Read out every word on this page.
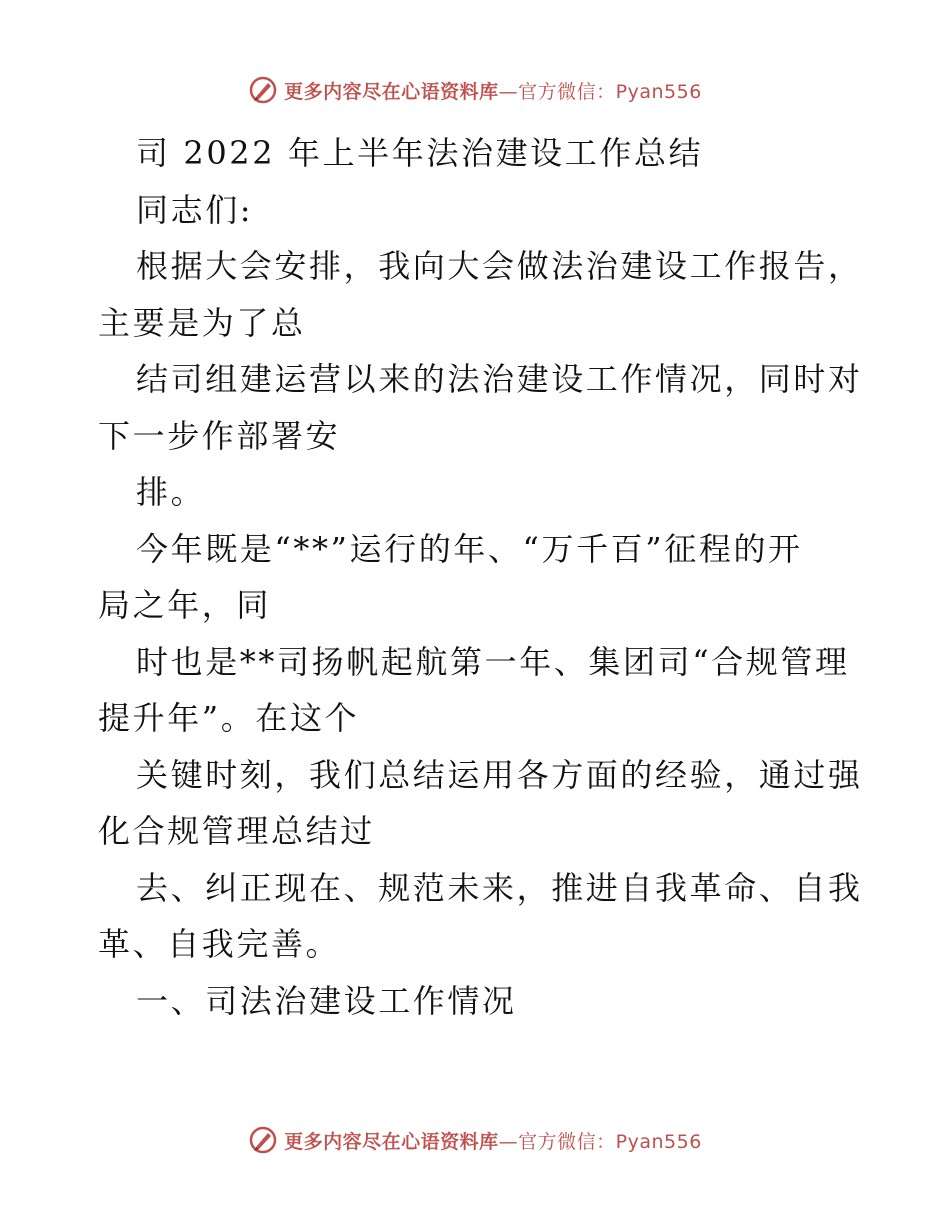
更多内容尽在心语资料库—官方微信：Pyan556
司 2022 年上半年法治建设工作总结
同志们:
根据大会安排，我向大会做法治建设工作报告，
主要是为了总
结司组建运营以来的法治建设工作情况，同时对
下一步作部署安
排。
今年既是“**”运行的年、“万千百”征程的开
局之年，同
时也是**司扬帆起航第一年、集团司“合规管理
提升年”。在这个
关键时刻，我们总结运用各方面的经验，通过强
化合规管理总结过
去、纠正现在、规范未来，推进自我革命、自我
革、自我完善。
一、司法治建设工作情况
更多内容尽在心语资料库—官方微信：Pyan556
